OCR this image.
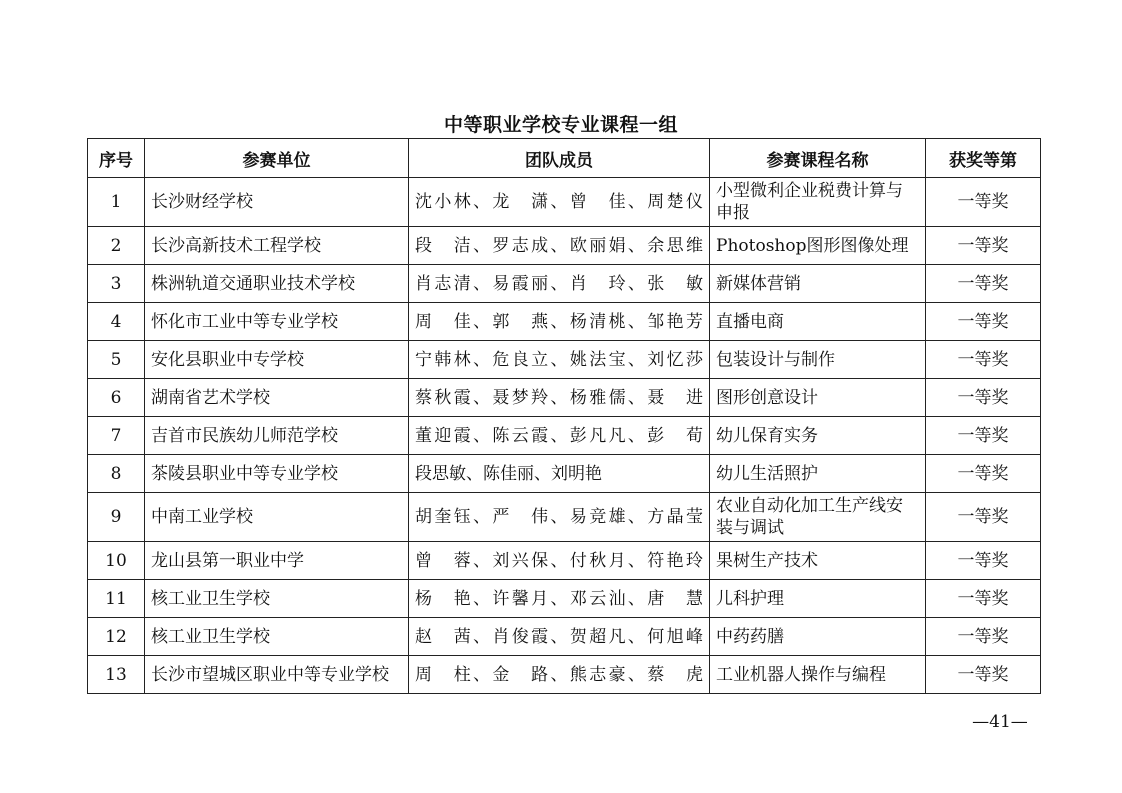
中等职业学校专业课程一组
序号	参赛单位	团队成员	参赛课程名称	获奖等第
1	长沙财经学校	沈小林、龙　潇、曾　佳、周楚仪	小型微利企业税费计算与申报	一等奖
2	长沙高新技术工程学校	段　洁、罗志成、欧丽娟、余思维	Photoshop图形图像处理	一等奖
3	株洲轨道交通职业技术学校	肖志清、易霞丽、肖　玲、张　敏	新媒体营销	一等奖
4	怀化市工业中等专业学校	周　佳、郭　燕、杨清桃、邹艳芳	直播电商	一等奖
5	安化县职业中专学校	宁韩林、危良立、姚法宝、刘忆莎	包装设计与制作	一等奖
6	湖南省艺术学校	蔡秋霞、聂梦羚、杨雅儒、聂　进	图形创意设计	一等奖
7	吉首市民族幼儿师范学校	董迎霞、陈云霞、彭凡凡、彭　荀	幼儿保育实务	一等奖
8	茶陵县职业中等专业学校	段思敏、陈佳丽、刘明艳	幼儿生活照护	一等奖
9	中南工业学校	胡奎钰、严　伟、易竞雄、方晶莹	农业自动化加工生产线安装与调试	一等奖
10	龙山县第一职业中学	曾　蓉、刘兴保、付秋月、符艳玲	果树生产技术	一等奖
11	核工业卫生学校	杨　艳、许馨月、邓云汕、唐　慧	儿科护理	一等奖
12	核工业卫生学校	赵　茜、肖俊霞、贺超凡、何旭峰	中药药膳	一等奖
13	长沙市望城区职业中等专业学校	周　柱、金　路、熊志豪、蔡　虎	工业机器人操作与编程	一等奖
—41—
